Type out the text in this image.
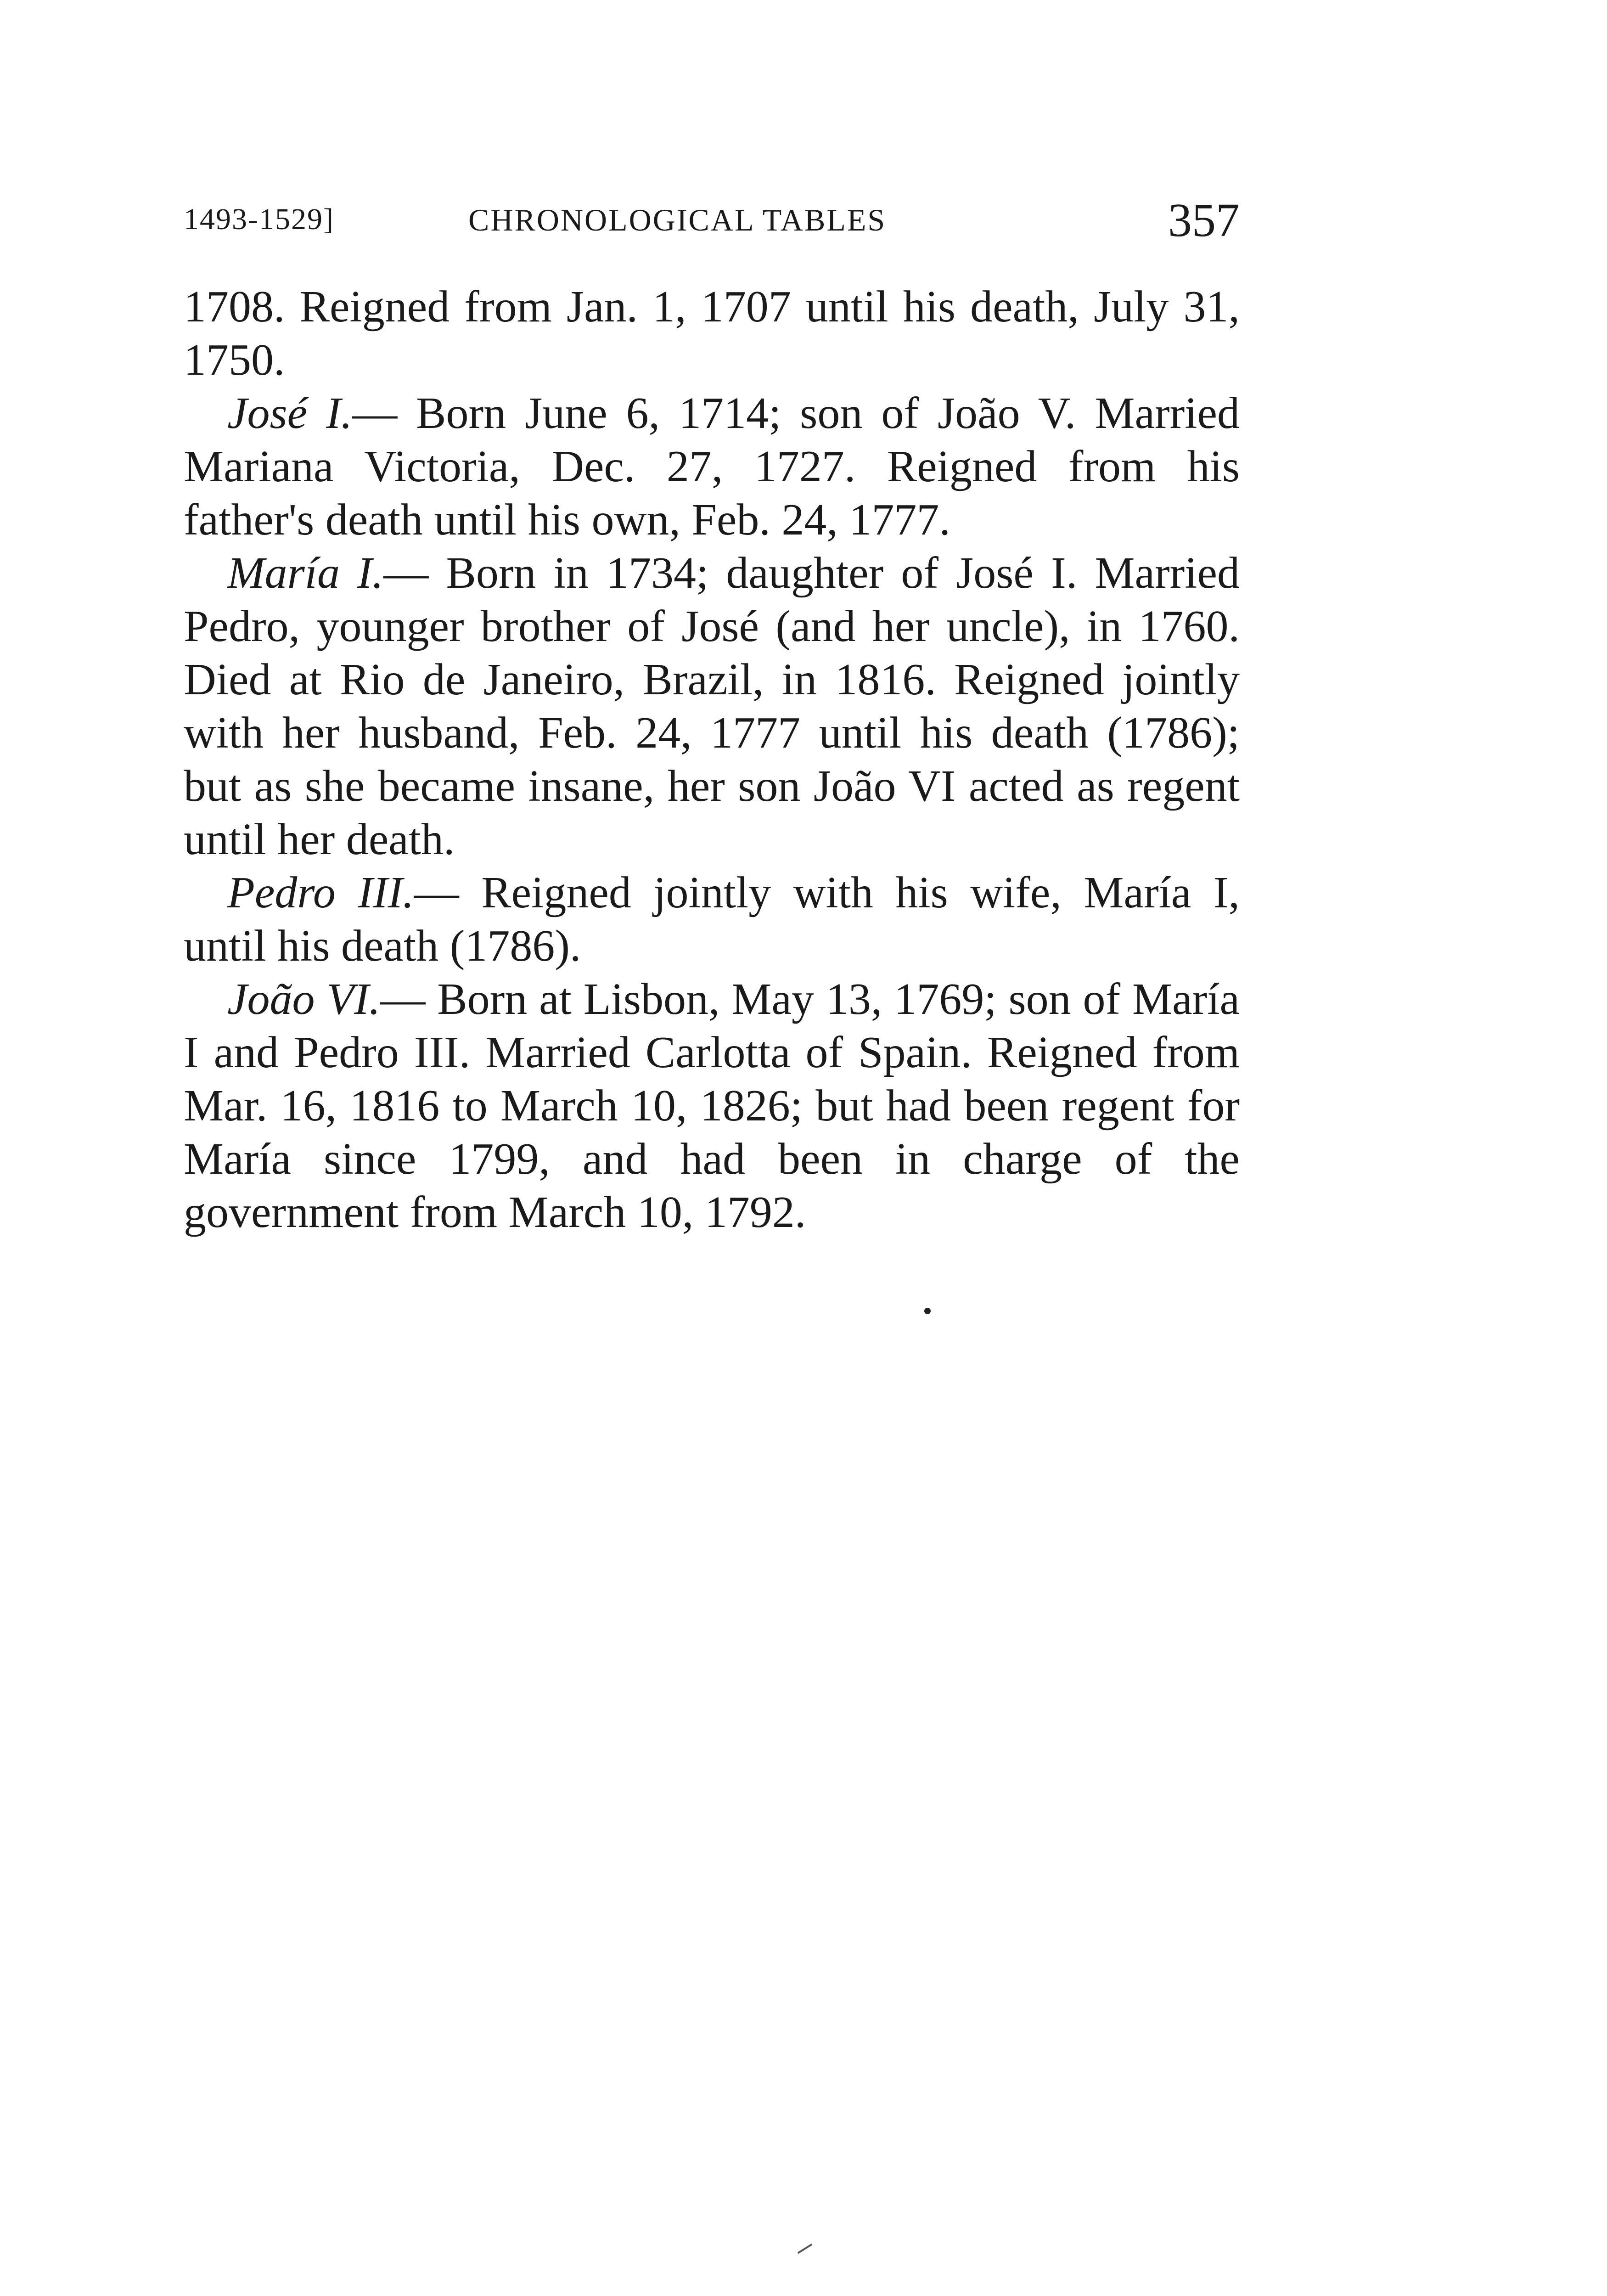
1493-1529]	CHRONOLOGICAL TABLES	357

1708. Reigned from Jan. 1, 1707 until his death, July 31, 1750.

José I.— Born June 6, 1714; son of João V. Married Mariana Victoria, Dec. 27, 1727. Reigned from his father's death until his own, Feb. 24, 1777.

María I.— Born in 1734; daughter of José I. Married Pedro, younger brother of José (and her uncle), in 1760. Died at Rio de Janeiro, Brazil, in 1816. Reigned jointly with her husband, Feb. 24, 1777 until his death (1786); but as she became insane, her son João VI acted as regent until her death.

Pedro III.— Reigned jointly with his wife, María I, until his death (1786).

João VI.— Born at Lisbon, May 13, 1769; son of María I and Pedro III. Married Carlotta of Spain. Reigned from Mar. 16, 1816 to March 10, 1826; but had been regent for María since 1799, and had been in charge of the government from March 10, 1792.
